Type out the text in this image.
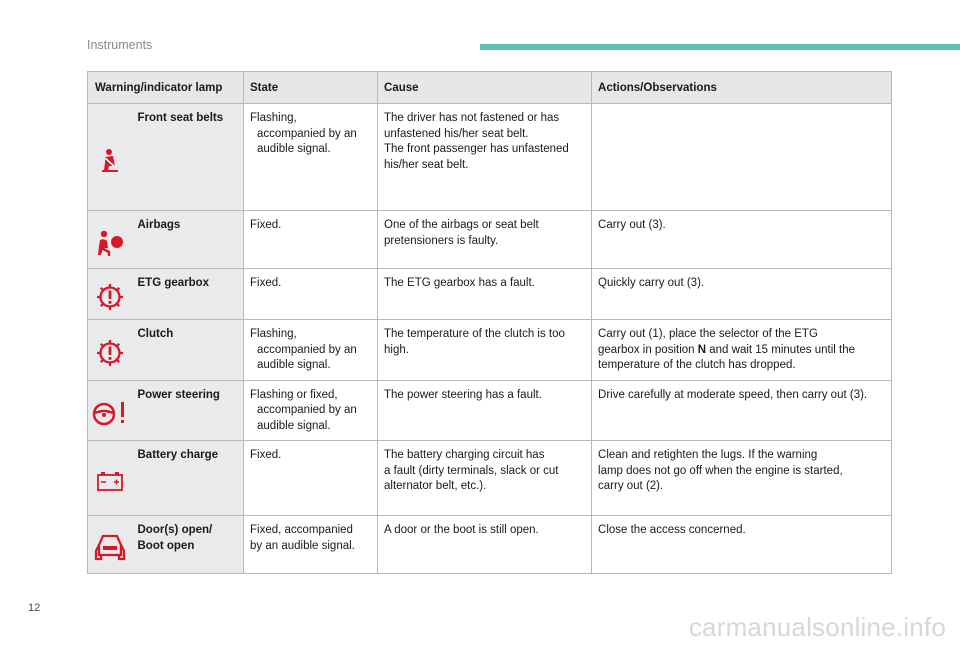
Instruments
Warning/indicator lamp		State	Cause	Actions/Observations

	Front seat belts	Flashing,
accompanied by an
audible signal.	The driver has not fastened or has
unfastened his/her seat belt.
The front passenger has unfastened
his/her seat belt.	

	Airbags	Fixed.	One of the airbags or seat belt
pretensioners is faulty.	Carry out (3).

	ETG gearbox	Fixed.	The ETG gearbox has a fault.	Quickly carry out (3).

	Clutch	Flashing,
accompanied by an
audible signal.	The temperature of the clutch is too
high.	Carry out (1), place the selector of the ETG
gearbox in position N and wait 15 minutes until the
temperature of the clutch has dropped.

	Power steering	Flashing or fixed,
accompanied by an
audible signal.	The power steering has a fault.	Drive carefully at moderate speed, then carry out (3).

	Battery charge	Fixed.	The battery charging circuit has
a fault (dirty terminals, slack or cut
alternator belt, etc.).	Clean and retighten the lugs. If the warning
lamp does not go off when the engine is started,
carry out (2).

	Door(s) open/
Boot open	Fixed, accompanied
by an audible signal.	A door or the boot is still open.	Close the access concerned.
12
carmanualsonline.info
